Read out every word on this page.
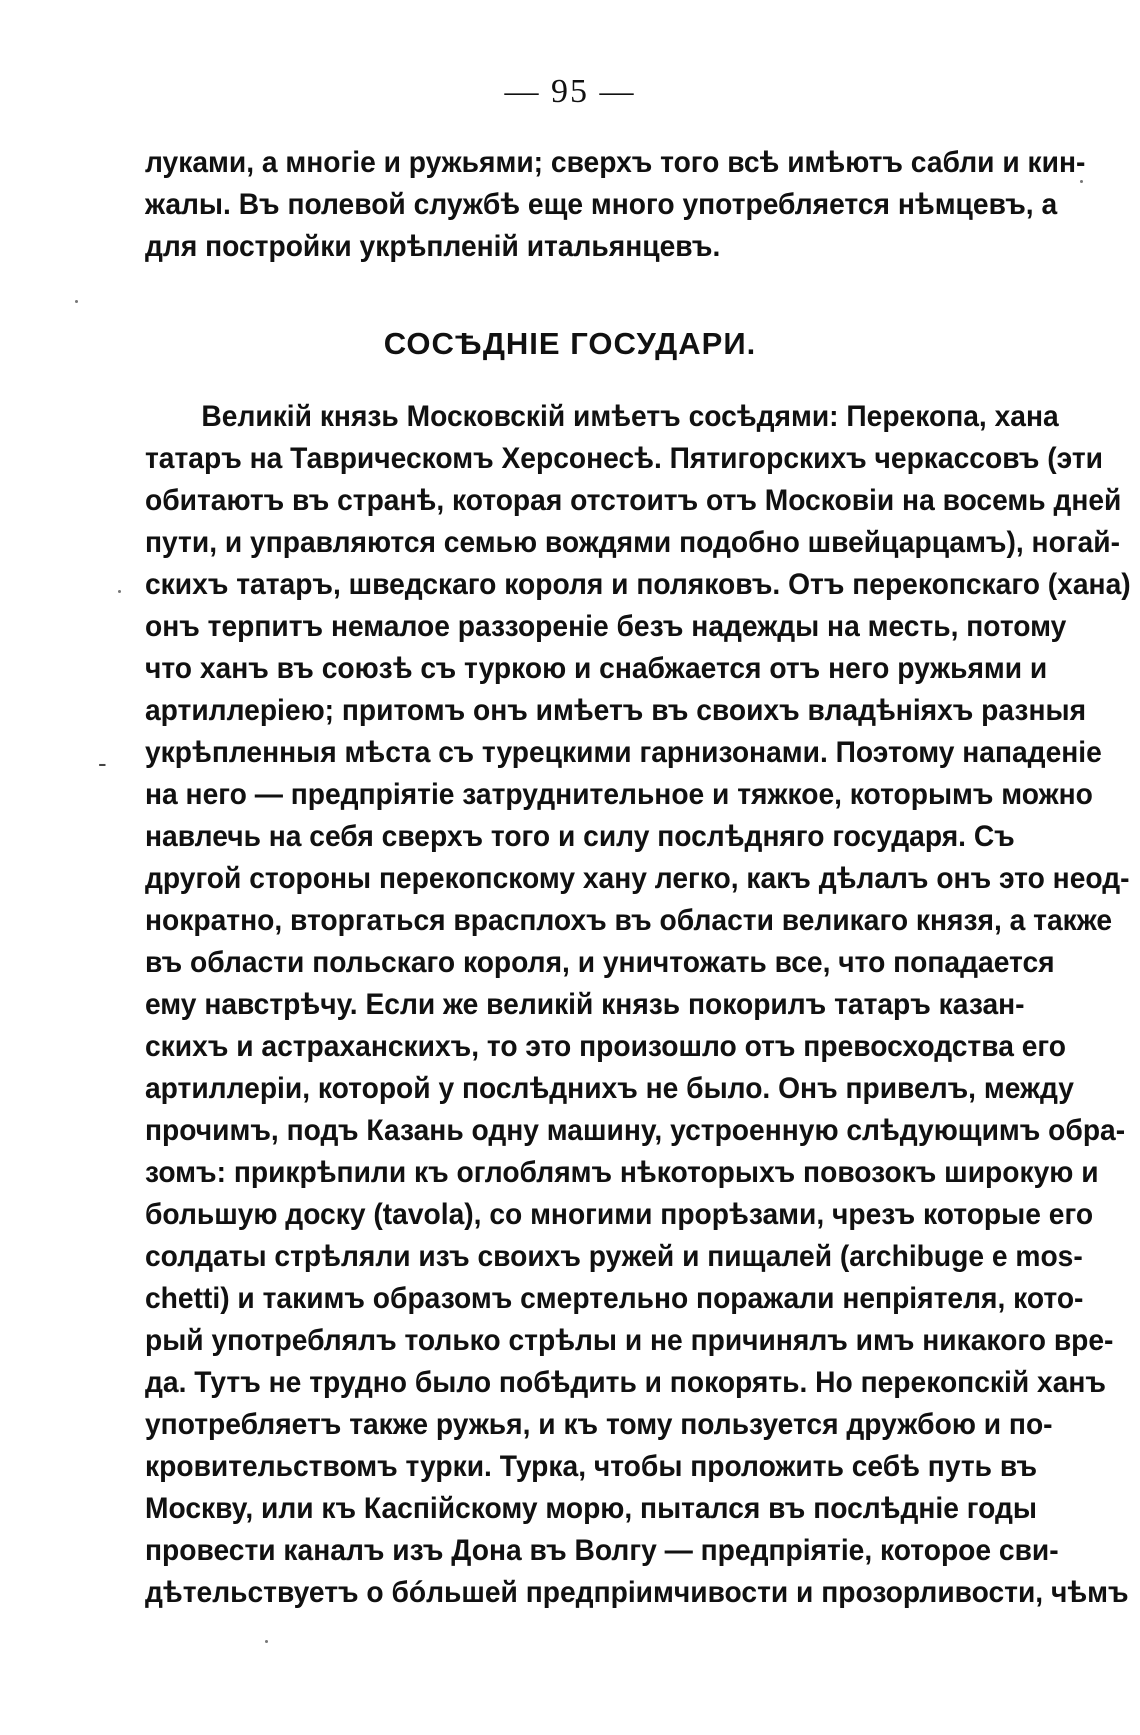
— 95 —
луками, а многіе и ружьями; сверхъ того всѣ имѣютъ сабли и кин-
жалы. Въ полевой службѣ еще много употребляется нѣмцевъ, а
для постройки укрѣпленій итальянцевъ.
СОСѢДНІЕ ГОСУДАРИ.
Великій князь Московскій имѣетъ сосѣдями: Перекопа, хана
татаръ на Таврическомъ Херсонесѣ. Пятигорскихъ черкассовъ (эти
обитаютъ въ странѣ, которая отстоитъ отъ Московіи на восемь дней
пути, и управляются семью вождями подобно швейцарцамъ), ногай-
скихъ татаръ, шведскаго короля и поляковъ. Отъ перекопскаго (хана)
онъ терпитъ немалое раззореніе безъ надежды на месть, потому
что ханъ въ союзѣ съ туркою и снабжается отъ него ружьями и
артиллеріею; притомъ онъ имѣетъ въ своихъ владѣніяхъ разныя
укрѣпленныя мѣста съ турецкими гарнизонами. Поэтому нападеніе
на него — предпріятіе затруднительное и тяжкое, которымъ можно
навлечь на себя сверхъ того и силу послѣдняго государя. Съ
другой стороны перекопскому хану легко, какъ дѣлалъ онъ это неод-
нократно, вторгаться врасплохъ въ области великаго князя, а также
въ области польскаго короля, и уничтожать все, что попадается
ему навстрѣчу. Если же великій князь покорилъ татаръ казан-
скихъ и астраханскихъ, то это произошло отъ превосходства его
артиллеріи, которой у послѣднихъ не было. Онъ привелъ, между
прочимъ, подъ Казань одну машину, устроенную слѣдующимъ обра-
зомъ: прикрѣпили къ оглоблямъ нѣкоторыхъ повозокъ широкую и
большую доску (tavola), со многими прорѣзами, чрезъ которые его
солдаты стрѣляли изъ своихъ ружей и пищалей (archibuge e mos-
chetti) и такимъ образомъ смертельно поражали непріятеля, кото-
рый употреблялъ только стрѣлы и не причинялъ имъ никакого вре-
да. Тутъ не трудно было побѣдить и покорять. Но перекопскій ханъ
употребляетъ также ружья, и къ тому пользуется дружбою и по-
кровительствомъ турки. Турка, чтобы проложить себѣ путь въ
Москву, или къ Каспійскому морю, пытался въ послѣдніе годы
провести каналъ изъ Дона въ Волгу — предпріятіе, которое сви-
дѣтельствуетъ о бóльшей предпріимчивости и прозорливости, чѣмъ
-
